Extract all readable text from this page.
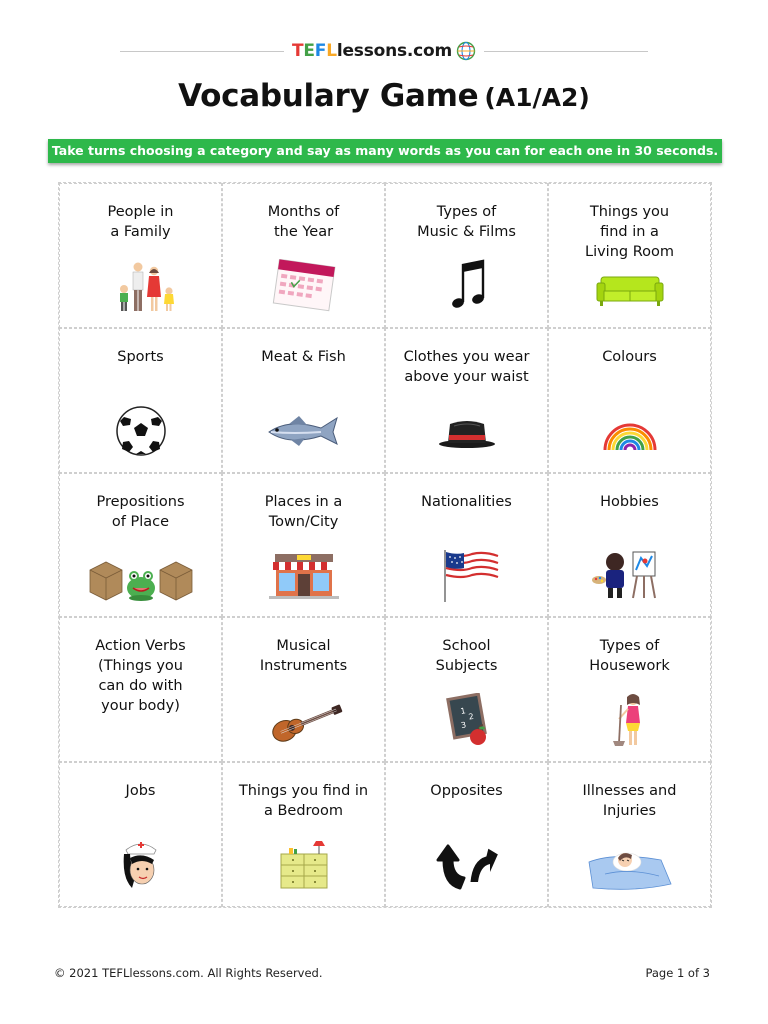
T E F L lessons.com
Vocabulary Game (A1/A2)
Take turns choosing a category and say as many words as you can for each one in 30 seconds.
People in
a Family
Months of
the Year
Types of
Music & Films
Things you
find in a
Living Room
Sports	Meat & Fish	Clothes you wear
above your waist
Colours
Prepositions
of Place
Places in a
Town/City
Nationalities	Hobbies
Action Verbs
(Things you
can do with
your body)
Musical
Instruments
School
Subjects
1
2
3
Types of
Housework
Jobs	Things you find in
a Bedroom
Opposites	Illnesses and
Injuries
© 2021 TEFLlessons.com. All Rights Reserved.	Page 1 of 3
